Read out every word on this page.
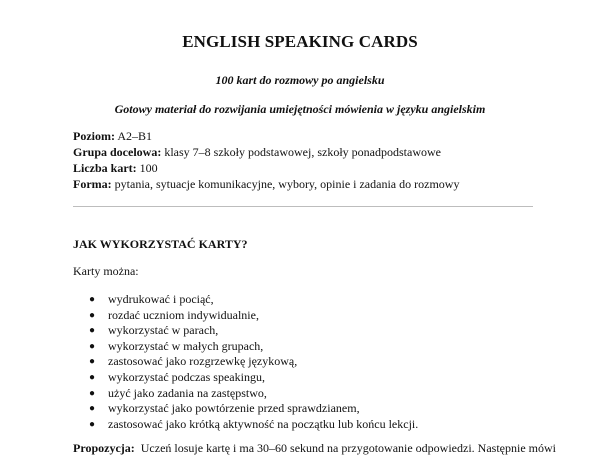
ENGLISH SPEAKING CARDS
100 kart do rozmowy po angielsku
Gotowy materiał do rozwijania umiejętności mówienia w języku angielskim
Poziom: A2–B1
Grupa docelowa: klasy 7–8 szkoły podstawowej, szkoły ponadpodstawowe
Liczba kart: 100
Forma: pytania, sytuacje komunikacyjne, wybory, opinie i zadania do rozmowy
JAK WYKORZYSTAĆ KARTY?
Karty można:
● wydrukować i pociąć,
● rozdać uczniom indywidualnie,
● wykorzystać w parach,
● wykorzystać w małych grupach,
● zastosować jako rozgrzewkę językową,
● wykorzystać podczas speakingu,
● użyć jako zadania na zastępstwo,
● wykorzystać jako powtórzenie przed sprawdzianem,
● zastosować jako krótką aktywność na początku lub końcu lekcji.
Propozycja: Uczeń losuje kartę i ma 30–60 sekund na przygotowanie odpowiedzi. Następnie mówi
